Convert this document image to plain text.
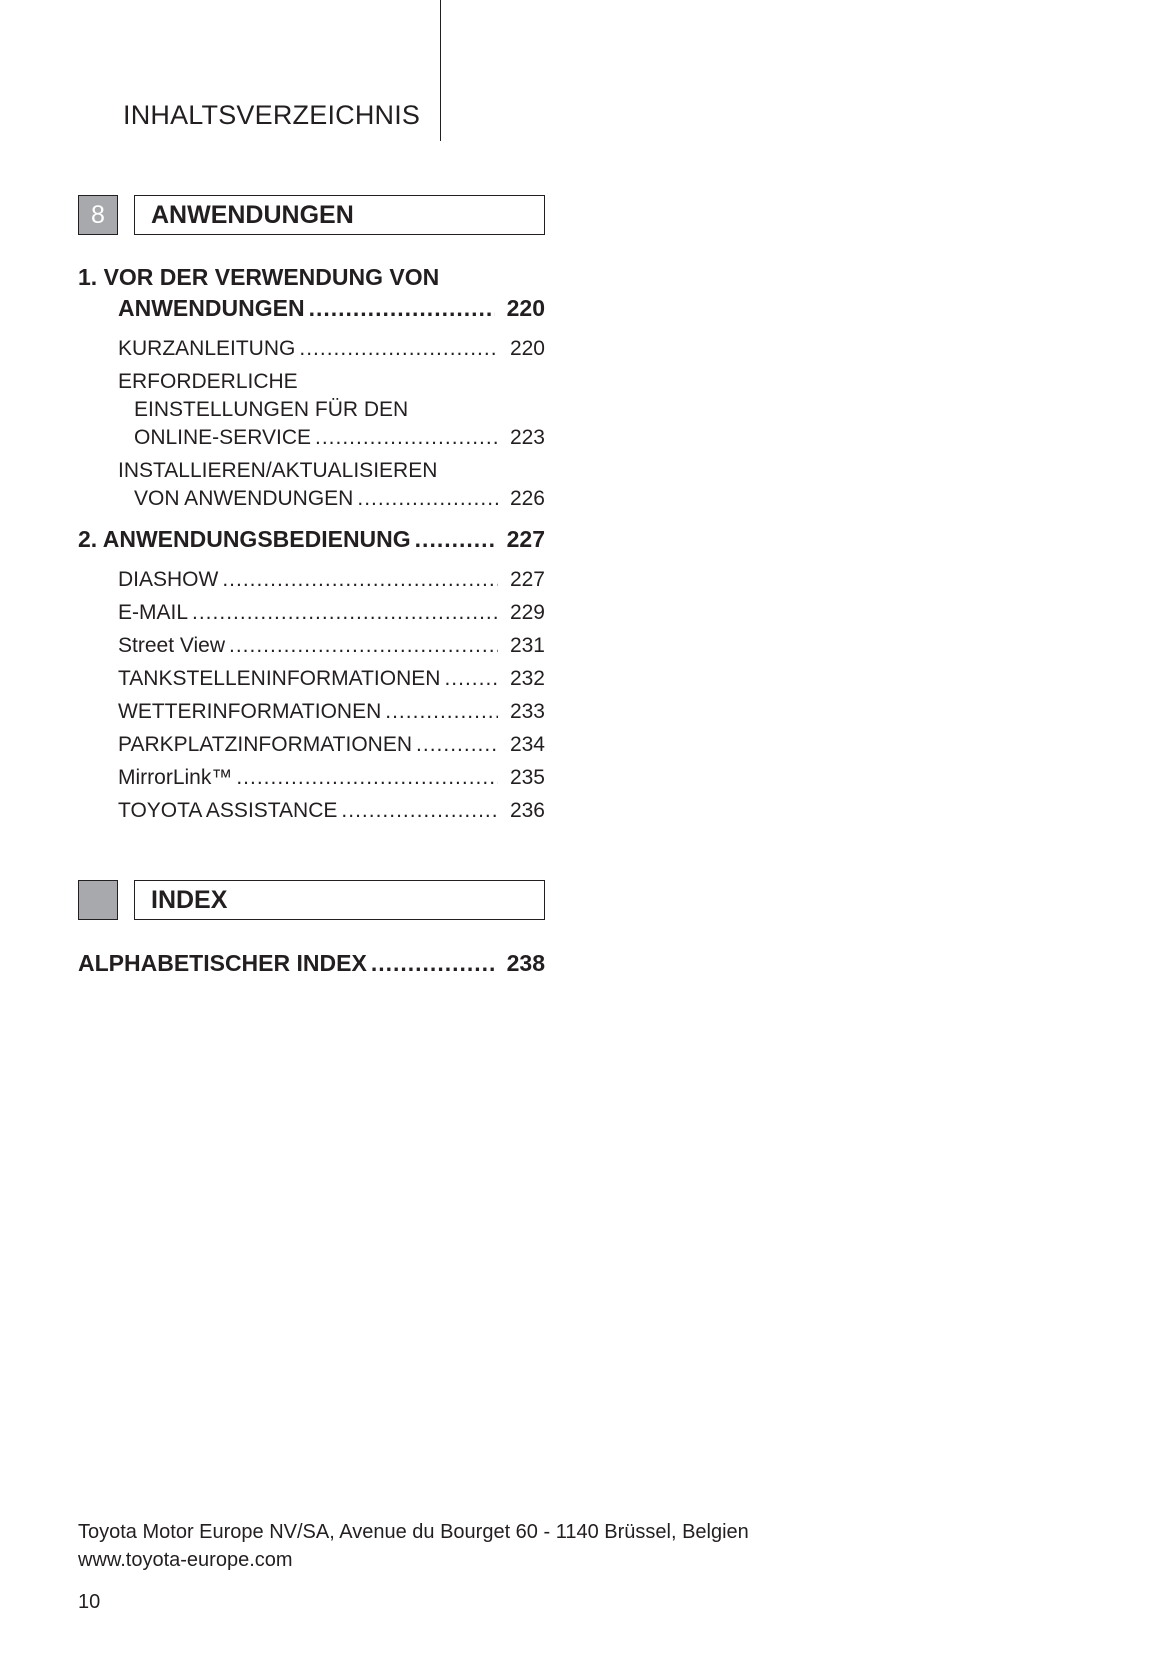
INHALTSVERZEICHNIS
8	ANWENDUNGEN
1. VOR DER VERWENDUNG VON
ANWENDUNGEN .....	220
KURZANLEITUNG .....	220
ERFORDERLICHE
EINSTELLUNGEN FÜR DEN
ONLINE-SERVICE .....	223
INSTALLIEREN/AKTUALISIEREN
VON ANWENDUNGEN .....	226
2. ANWENDUNGSBEDIENUNG .....	227
DIASHOW .....	227
E-MAIL .....	229
Street View .....	231
TANKSTELLENINFORMATIONEN .....	232
WETTERINFORMATIONEN .....	233
PARKPLATZINFORMATIONEN .....	234
MirrorLink™ .....	235
TOYOTA ASSISTANCE .....	236
INDEX
ALPHABETISCHER INDEX .....	238
Toyota Motor Europe NV/SA, Avenue du Bourget 60 - 1140 Brüssel, Belgien
www.toyota-europe.com
10
